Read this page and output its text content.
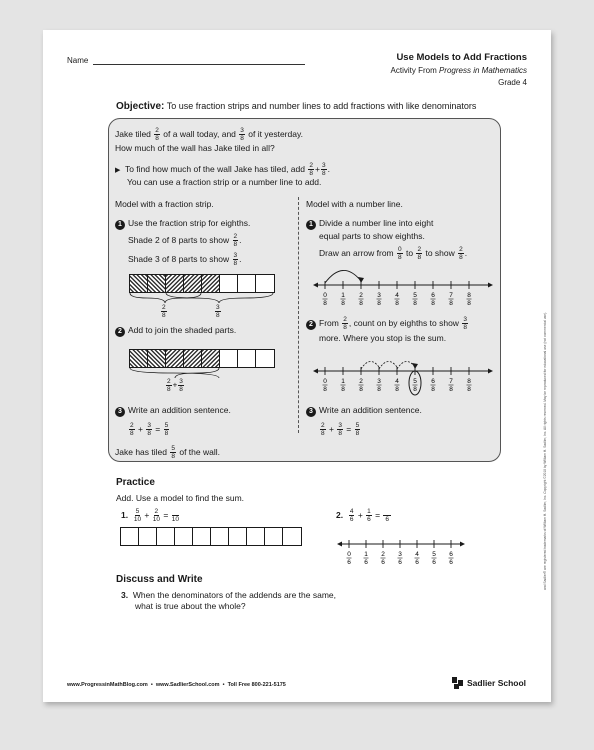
Name	Use Models to Add Fractions
Activity From Progress in Mathematics
Grade 4
Objective: To use fraction strips and number lines to add fractions with like denominators
Jake tiled $\frac{2}{8}$ of a wall today, and $\frac{3}{8}$ of it yesterday.
How much of the wall has Jake tiled in all?
▶ To find how much of the wall Jake has tiled, add $\frac{2}{8} + \frac{3}{8}$ .
You can use a fraction strip or a number line to add.
Model with a fraction strip.
1 Use the fraction strip for eighths.
Shade 2 of 8 parts to show $\frac{2}{8}$ .
Shade 3 of 8 parts to show $\frac{3}{8}$ .
$\frac{2}{8}$	$\frac{3}{8}$
2 Add to join the shaded parts.
$\frac{2}{8} + \frac{3}{8}$
3 Write an addition sentence.
$\frac{2}{8} + \frac{3}{8} = \frac{5}{8}$
Jake has tiled $\frac{5}{8}$ of the wall.
Model with a number line.
1 Divide a number line into eight
equal parts to show eighths.
Draw an arrow from $\frac{0}{8}$ to $\frac{2}{8}$ to show $\frac{2}{8}$ .
0
8
1
8
2
8
3
8
4
8
5
8
6
8
7
8
8
8
2 From $\frac{2}{8}$ , count on by eighths to show $\frac{3}{8}$
more. Where you stop is the sum.
0
8
1
8
2
8
3
8
4
8
5
8
6
8
7
8
8
8
3 Write an addition sentence.
$\frac{2}{8} + \frac{3}{8} = \frac{5}{8}$
Practice
Add. Use a model to find the sum.
1. $\frac{5}{10} + \frac{2}{10}$ =
10	2. $\frac{4}{6} + \frac{1}{6}$ =
6
0
6
1
6
2
6
3
6
4
6
5
6
6
6
Discuss and Write
3. When the denominators of the addends are the same,
what is true about the whole?
and Sadlier® are registered trademarks of William H. Sadlier, Inc. Copyright ©2018 by William H. Sadlier, Inc. All rights reserved. May be reproduced for educational use (not commercial use).
www.ProgressinMathBlog.com • www.SadlierSchool.com • Toll Free 800-221-5175	Sadlier School
